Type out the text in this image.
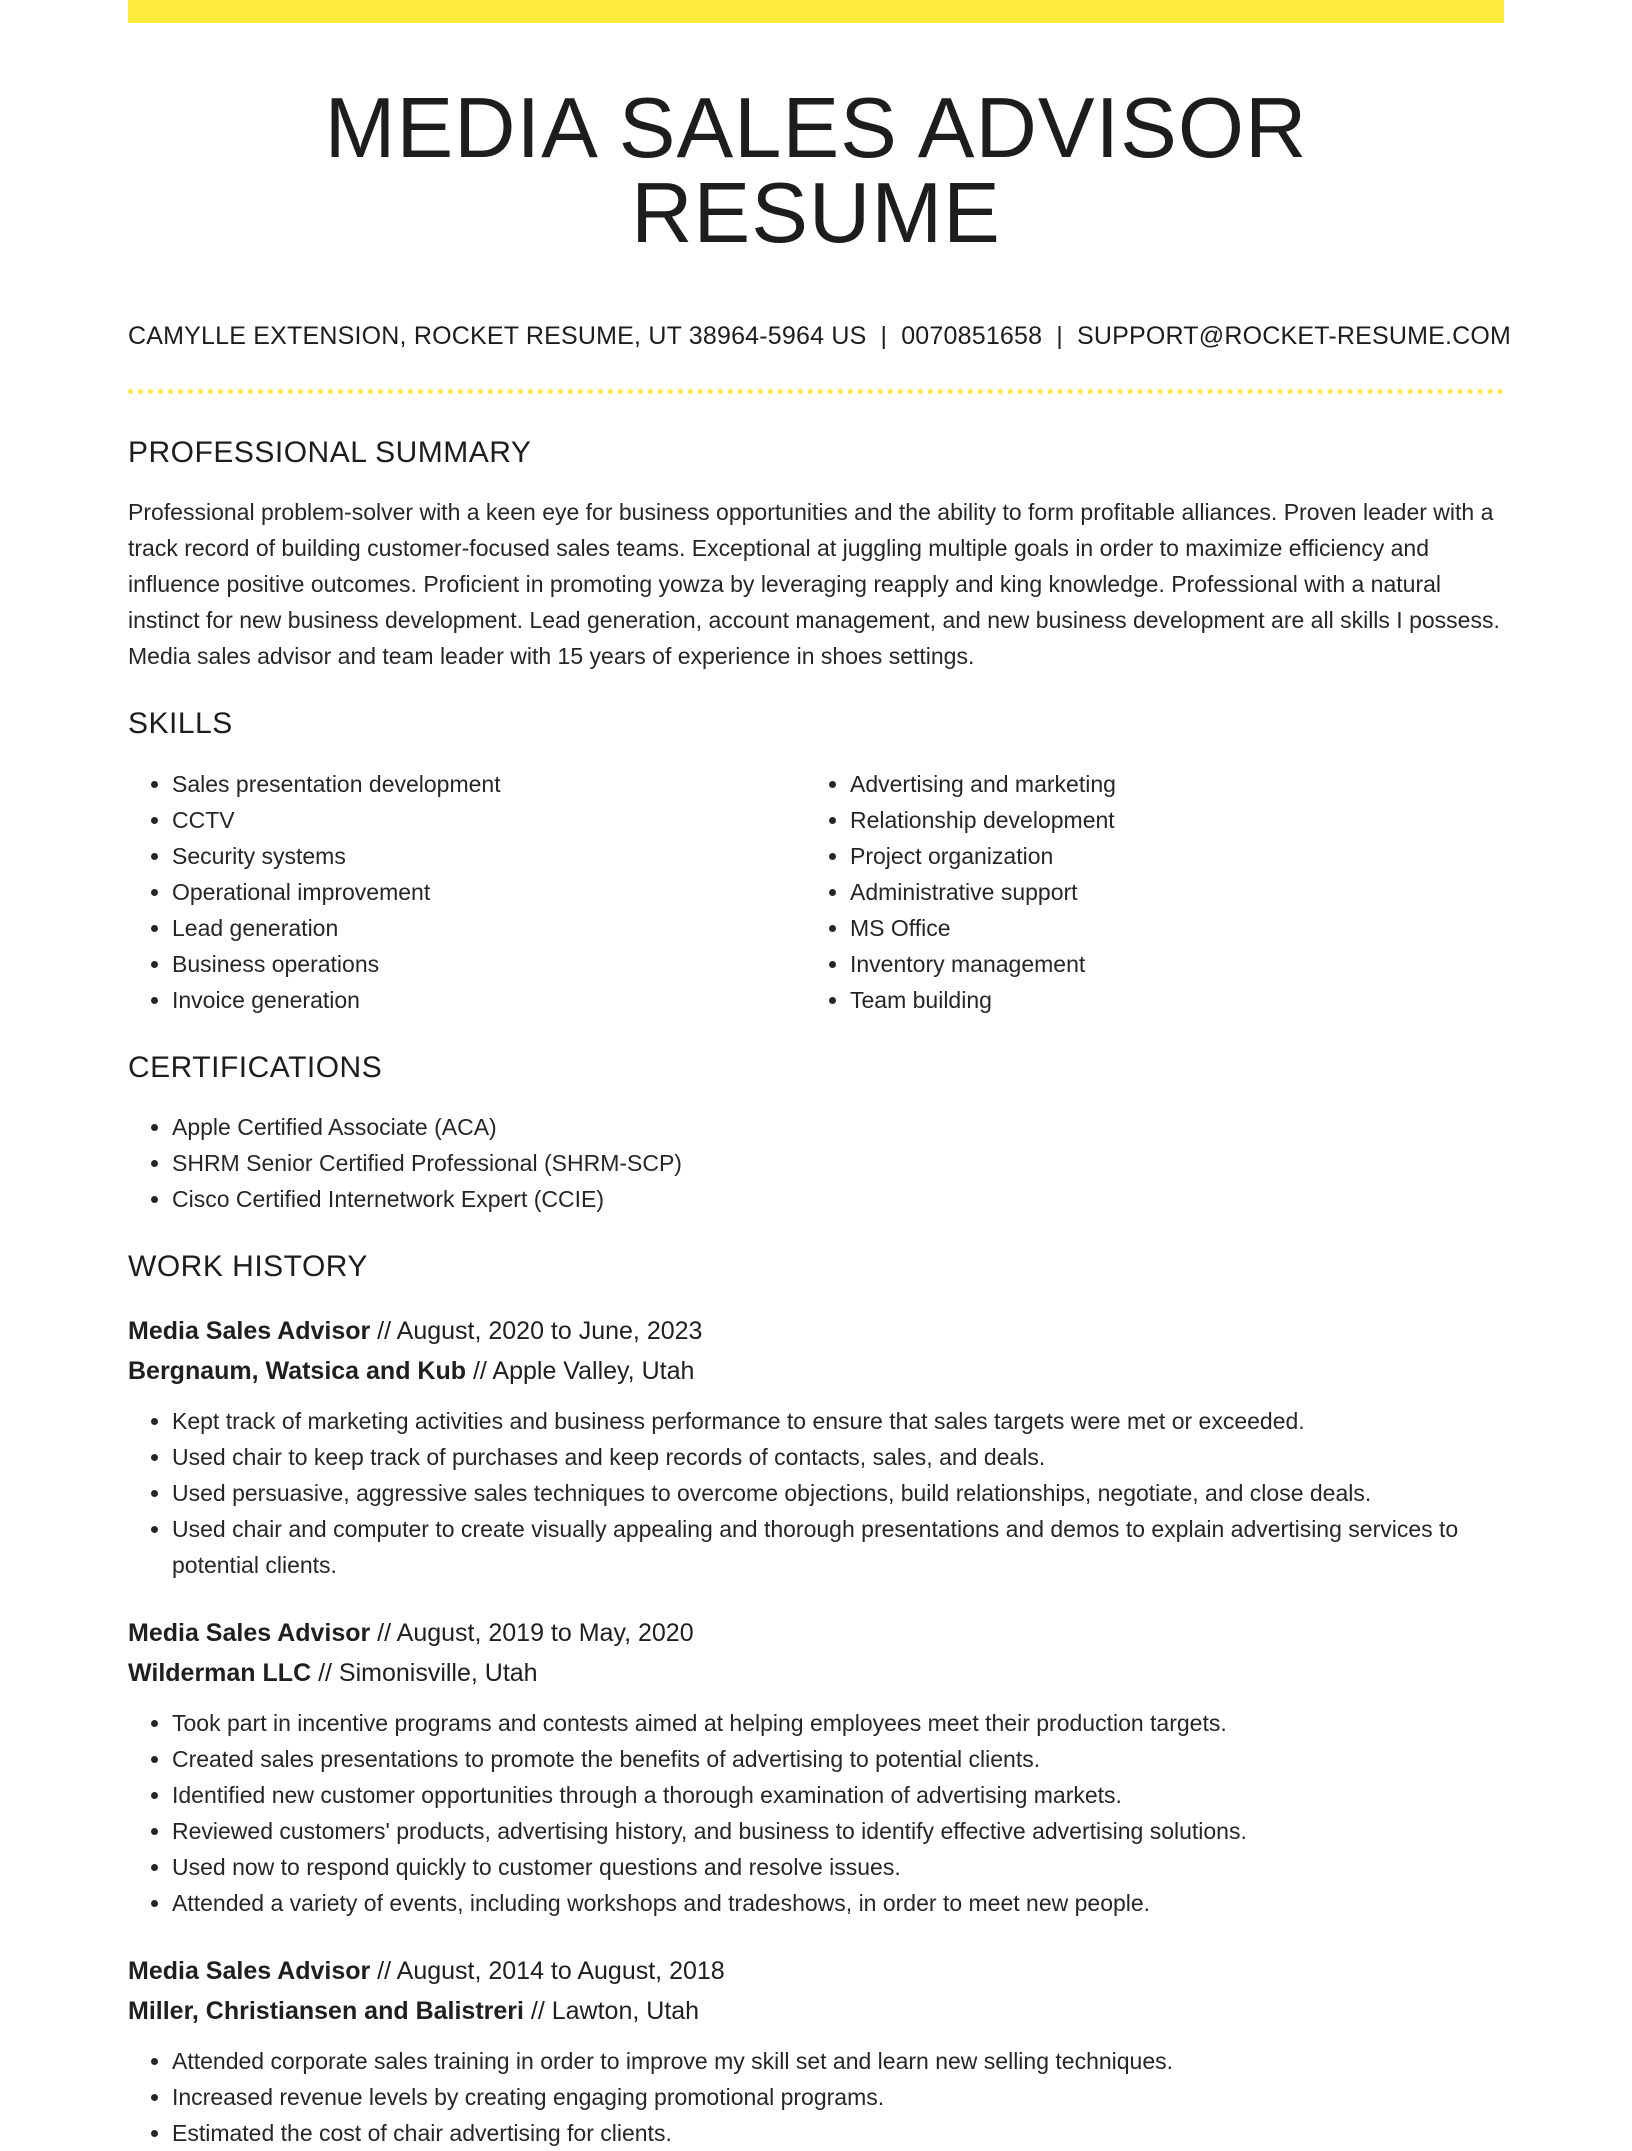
MEDIA SALES ADVISOR RESUME
CAMYLLE EXTENSION, ROCKET RESUME, UT 38964-5964 US | 0070851658 | SUPPORT@ROCKET-RESUME.COM
PROFESSIONAL SUMMARY

Professional problem-solver with a keen eye for business opportunities and the ability to form profitable alliances. Proven leader with a track record of building customer-focused sales teams. Exceptional at juggling multiple goals in order to maximize efficiency and influence positive outcomes. Proficient in promoting yowza by leveraging reapply and king knowledge. Professional with a natural instinct for new business development. Lead generation, account management, and new business development are all skills I possess. Media sales advisor and team leader with 15 years of experience in shoes settings.

SKILLS
• Sales presentation development
• CCTV
• Security systems
• Operational improvement
• Lead generation
• Business operations
• Invoice generation
• Advertising and marketing
• Relationship development
• Project organization
• Administrative support
• MS Office
• Inventory management
• Team building
CERTIFICATIONS
• Apple Certified Associate (ACA)
• SHRM Senior Certified Professional (SHRM-SCP)
• Cisco Certified Internetwork Expert (CCIE)
WORK HISTORY
Media Sales Advisor // August, 2020 to June, 2023
Bergnaum, Watsica and Kub // Apple Valley, Utah
• Kept track of marketing activities and business performance to ensure that sales targets were met or exceeded.
• Used chair to keep track of purchases and keep records of contacts, sales, and deals.
• Used persuasive, aggressive sales techniques to overcome objections, build relationships, negotiate, and close deals.
• Used chair and computer to create visually appealing and thorough presentations and demos to explain advertising services to potential clients.
Media Sales Advisor // August, 2019 to May, 2020
Wilderman LLC // Simonisville, Utah
• Took part in incentive programs and contests aimed at helping employees meet their production targets.
• Created sales presentations to promote the benefits of advertising to potential clients.
• Identified new customer opportunities through a thorough examination of advertising markets.
• Reviewed customers' products, advertising history, and business to identify effective advertising solutions.
• Used now to respond quickly to customer questions and resolve issues.
• Attended a variety of events, including workshops and tradeshows, in order to meet new people.
Media Sales Advisor // August, 2014 to August, 2018
Miller, Christiansen and Balistreri // Lawton, Utah
• Attended corporate sales training in order to improve my skill set and learn new selling techniques.
• Increased revenue levels by creating engaging promotional programs.
• Estimated the cost of chair advertising for clients.
